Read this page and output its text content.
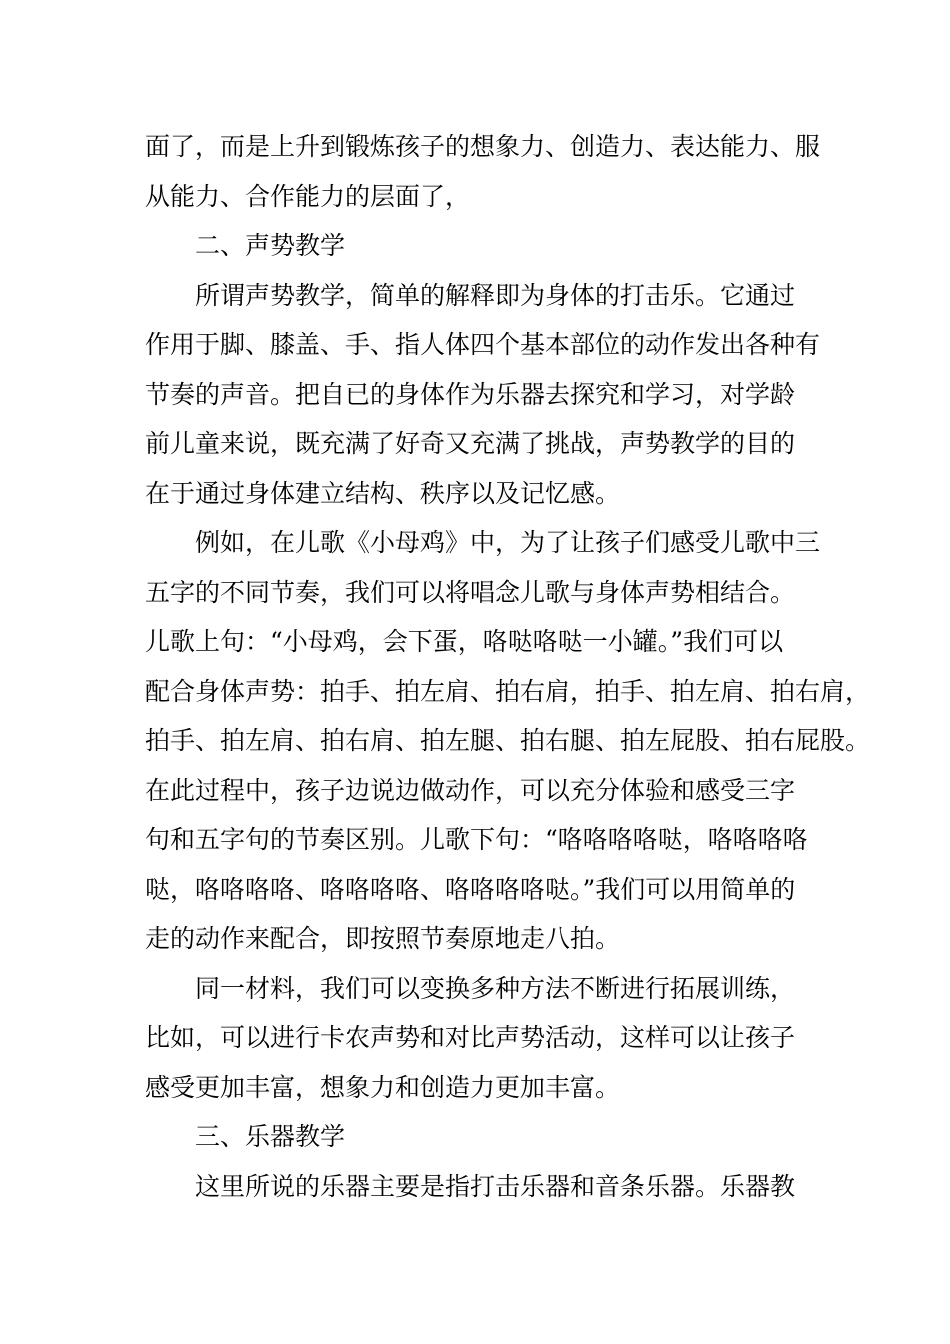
面了，而是上升到锻炼孩子的想象力、创造力、表达能力、服
从能力、合作能力的层面了，
二、声势教学
所谓声势教学，简单的解释即为身体的打击乐。它通过
作用于脚、膝盖、手、指人体四个基本部位的动作发出各种有
节奏的声音。把自已的身体作为乐器去探究和学习，对学龄
前儿童来说，既充满了好奇又充满了挑战，声势教学的目的
在于通过身体建立结构、秩序以及记忆感。
例如，在儿歌《小母鸡》中，为了让孩子们感受儿歌中三
五字的不同节奏，我们可以将唱念儿歌与身体声势相结合。
儿歌上句：“小母鸡，会下蛋，咯哒咯哒一小罐。”我们可以
配合身体声势：拍手、拍左肩、拍右肩，拍手、拍左肩、拍右肩，
拍手、拍左肩、拍右肩、拍左腿、拍右腿、拍左屁股、拍右屁股。
在此过程中，孩子边说边做动作，可以充分体验和感受三字
句和五字句的节奏区别。儿歌下句：“咯咯咯咯哒，咯咯咯咯
哒，咯咯咯咯、咯咯咯咯、咯咯咯咯哒。”我们可以用简单的
走的动作来配合，即按照节奏原地走八拍。
同一材料，我们可以变换多种方法不断进行拓展训练，
比如，可以进行卡农声势和对比声势活动，这样可以让孩子
感受更加丰富，想象力和创造力更加丰富。
三、乐器教学
这里所说的乐器主要是指打击乐器和音条乐器。乐器教
